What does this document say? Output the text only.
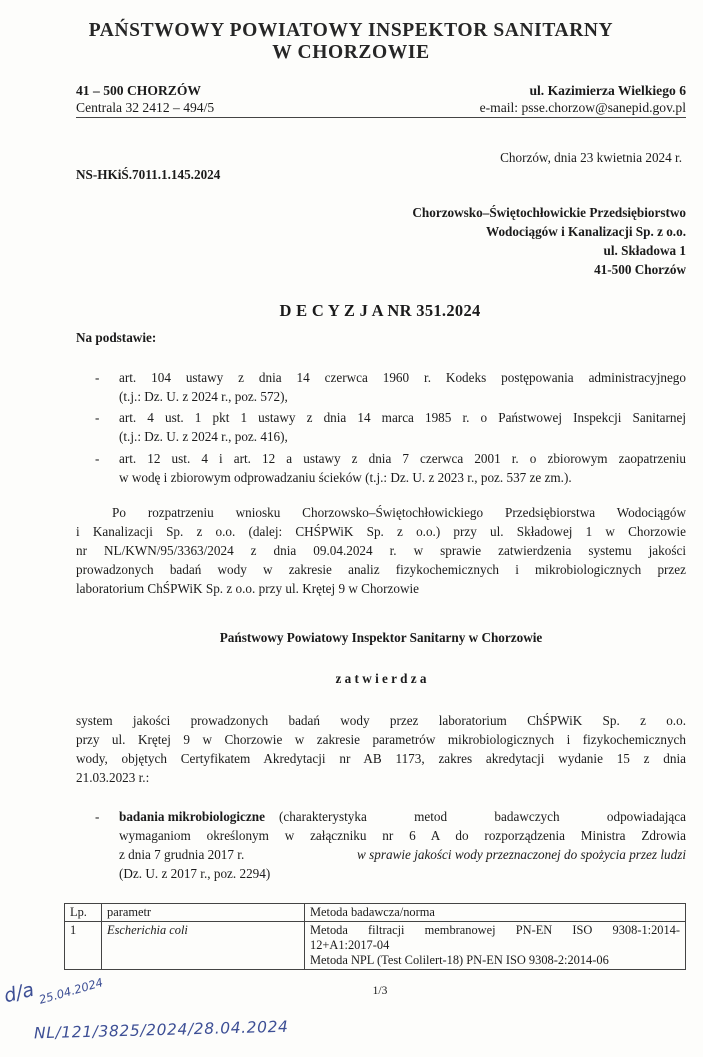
PAŃSTWOWY POWIATOWY INSPEKTOR SANITARNY
W CHORZOWIE
41 – 500 CHORZÓW
Centrala 32 2412 – 494/5
ul. Kazimierza Wielkiego 6
e-mail: psse.chorzow@sanepid.gov.pl
Chorzów, dnia 23 kwietnia 2024 r.
NS-HKiŚ.7011.1.145.2024
Chorzowsko–Świętochłowickie Przedsiębiorstwo
Wodociągów i Kanalizacji Sp. z o.o.
ul. Składowa 1
41-500 Chorzów
D E C Y Z J A NR 351.2024
Na podstawie:
- art. 104 ustawy z dnia 14 czerwca 1960 r. Kodeks postępowania administracyjnego
(t.j.: Dz. U. z 2024 r., poz. 572),
- art. 4 ust. 1 pkt 1 ustawy z dnia 14 marca 1985 r. o Państwowej Inspekcji Sanitarnej
(t.j.: Dz. U. z 2024 r., poz. 416),
- art. 12 ust. 4 i art. 12 a ustawy z dnia 7 czerwca 2001 r. o zbiorowym zaopatrzeniu
w wodę i zbiorowym odprowadzaniu ścieków (t.j.: Dz. U. z 2023 r., poz. 537 ze zm.).
Po rozpatrzeniu wniosku Chorzowsko–Świętochłowickiego Przedsiębiorstwa Wodociągów
i Kanalizacji Sp. z o.o. (dalej: CHŚPWiK Sp. z o.o.) przy ul. Składowej 1 w Chorzowie
nr NL/KWN/95/3363/2024 z dnia 09.04.2024 r. w sprawie zatwierdzenia systemu jakości
prowadzonych badań wody w zakresie analiz fizykochemicznych i mikrobiologicznych przez
laboratorium ChŚPWiK Sp. z o.o. przy ul. Krętej 9 w Chorzowie
Państwowy Powiatowy Inspektor Sanitarny w Chorzowie
z a t w i e r d z a
system jakości prowadzonych badań wody przez laboratorium ChŚPWiK Sp. z o.o.
przy ul. Krętej 9 w Chorzowie w zakresie parametrów mikrobiologicznych i fizykochemicznych
wody, objętych Certyfikatem Akredytacji nr AB 1173, zakres akredytacji wydanie 15 z dnia
21.03.2023 r.:
- badania mikrobiologiczne (charakterystyka metod badawczych odpowiadająca
wymaganiom określonym w załączniku nr 6 A do rozporządzenia Ministra Zdrowia
z dnia 7 grudnia 2017 r.	w sprawie jakości wody przeznaczonej do spożycia przez ludzi
(Dz. U. z 2017 r., poz. 2294)
Lp.	parametr	Metoda badawcza/norma
1	Escherichia coli	Metoda filtracji membranowej PN-EN ISO 9308-1:2014-
12+A1:2017-04
Metoda NPL (Test Colilert-18) PN-EN ISO 9308-2:2014-06
1/3
d/a 25.04.2024
NL/121/3825/2024/28.04.2024
